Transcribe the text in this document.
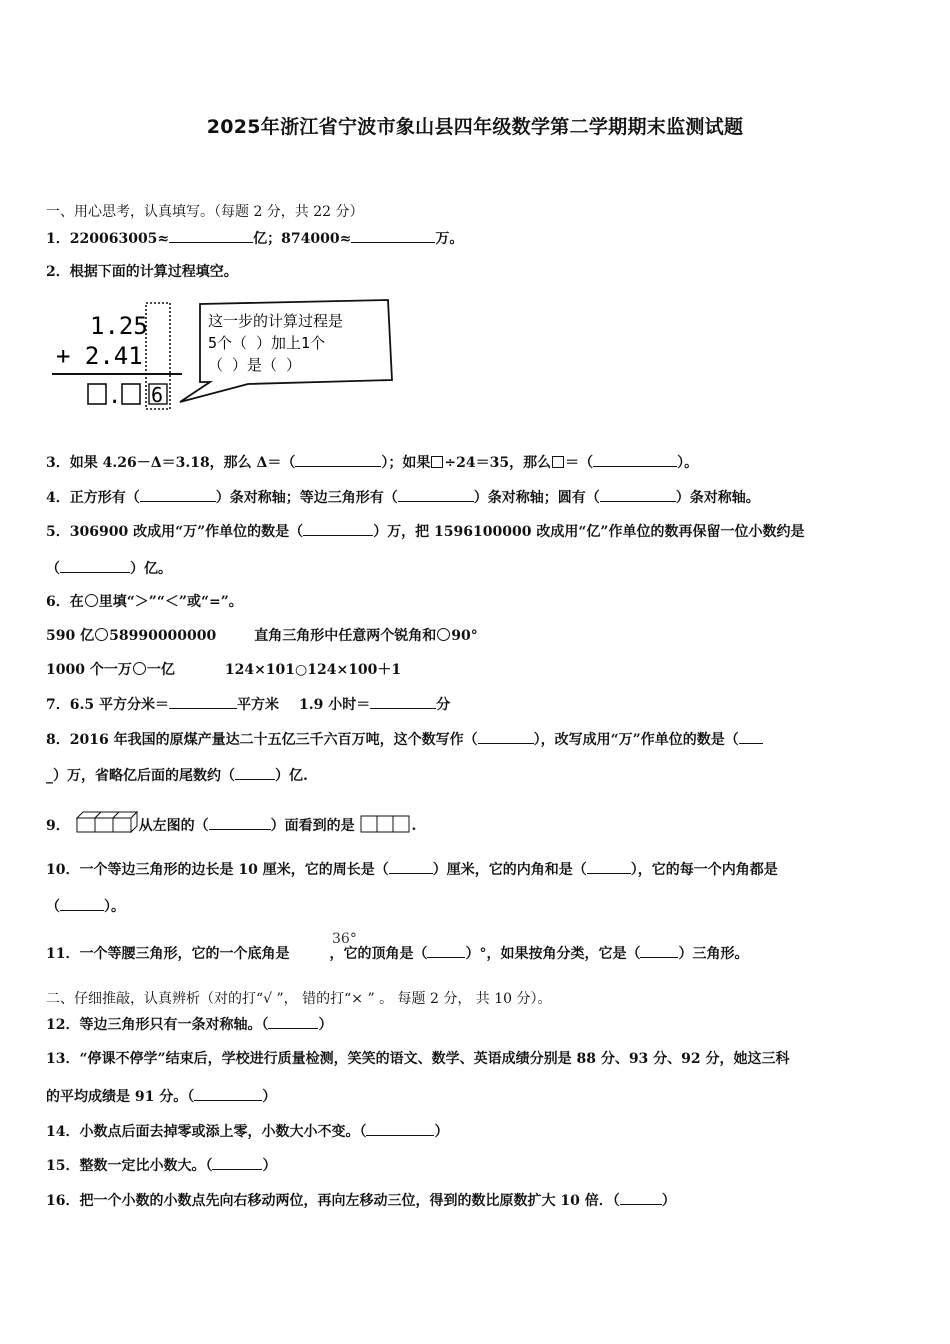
2025年浙江省宁波市象山县四年级数学第二学期期末监测试题
一、用心思考，认真填写。（每题 2 分，共 22 分）
1．220063005≈	亿；874000≈	万。
2．根据下面的计算过程填空。
1.25
+ 2.41
. 6
这一步的计算过程是
5个（ ）加上1个
（ ）是（ ）
3．如果 4.26－Δ＝3.18，那么 Δ＝（	）；如果 ÷24＝35，那么 ＝（	）。
4．正方形有（	）条对称轴；等边三角形有（	）条对称轴；圆有（	）条对称轴。
5．306900 改成用“万”作单位的数是（	）万，把 1596100000 改成用“亿”作单位的数再保留一位小数约是
（	）亿。
6．在 里填“＞”“＜”或“=”。
590 亿 58990000000	直角三角形中任意两个锐角和 90°
1000 个一万 一亿	124×101○124×100＋1
7．6.5 平方分米＝	平方米 1.9 小时＝	分
8．2016 年我国的原煤产量达二十五亿三千六百万吨，这个数写作（	），改写成用“万”作单位的数是（
_）万，省略亿后面的尾数约（	）亿.
9．	从左图的（	）面看到的是	.
10．一个等边三角形的边长是 10 厘米，它的周长是（	）厘米，它的内角和是（	），它的每一个内角都是
（	）。
36°
11．一个等腰三角形，它的一个底角是	，它的顶角是（	）°，如果按角分类，它是（	）三角形。
二、仔细推敲，认真辨析（对的打“√ ”， 错的打“× ” 。 每题 2 分， 共 10 分）。
12．等边三角形只有一条对称轴。（	）
13．“停课不停学”结束后，学校进行质量检测，笑笑的语文、数学、英语成绩分别是 88 分、93 分、92 分，她这三科
的平均成绩是 91 分。（	）
14．小数点后面去掉零或添上零，小数大小不变。（	）
15．整数一定比小数大。（	）
16．把一个小数的小数点先向右移动两位，再向左移动三位，得到的数比原数扩大 10 倍．（	）
